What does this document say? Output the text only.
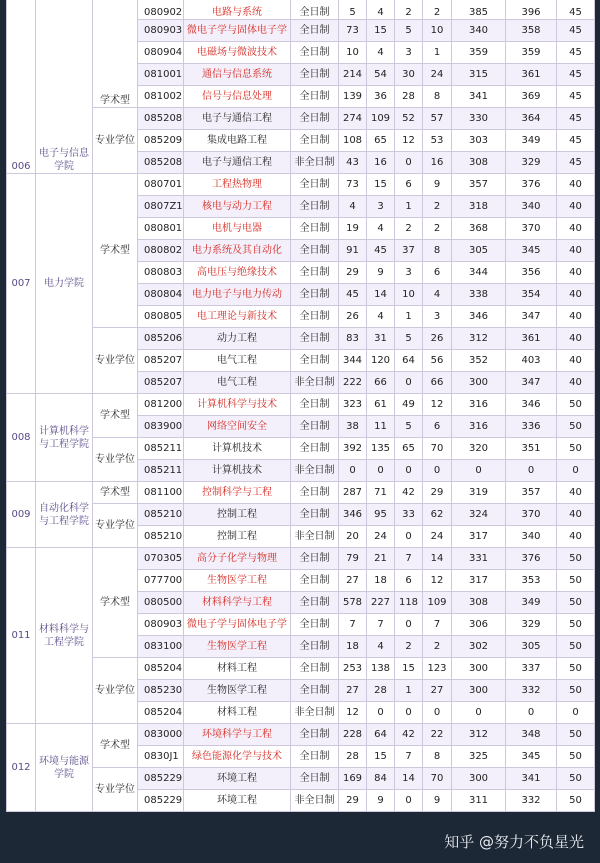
006	电子与信息学院	学术型	080902	电路与系统	全日制	5	4	2	2	385	396	45
			080903	微电子学与固体电子学	全日制	73	15	5	10	340	358	45
			080904	电磁场与微波技术	全日制	10	4	3	1	359	359	45
			081001	通信与信息系统	全日制	214	54	30	24	315	361	45
			081002	信号与信息处理	全日制	139	36	28	8	341	369	45
		专业学位	085208	电子与通信工程	全日制	274	109	52	57	330	364	45
			085209	集成电路工程	全日制	108	65	12	53	303	349	45
			085208	电子与通信工程	非全日制	43	16	0	16	308	329	45
007	电力学院	学术型	080701	工程热物理	全日制	73	15	6	9	357	376	40
			0807Z1	核电与动力工程	全日制	4	3	1	2	318	340	40
			080801	电机与电器	全日制	19	4	2	2	368	370	40
			080802	电力系统及其自动化	全日制	91	45	37	8	305	345	40
			080803	高电压与绝缘技术	全日制	29	9	3	6	344	356	40
			080804	电力电子与电力传动	全日制	45	14	10	4	338	354	40
			080805	电工理论与新技术	全日制	26	4	1	3	346	347	40
		专业学位	085206	动力工程	全日制	83	31	5	26	312	361	40
			085207	电气工程	全日制	344	120	64	56	352	403	40
			085207	电气工程	非全日制	222	66	0	66	300	347	40
008	计算机科学与工程学院	学术型	081200	计算机科学与技术	全日制	323	61	49	12	316	346	50
			083900	网络空间安全	全日制	38	11	5	6	316	336	50
		专业学位	085211	计算机技术	全日制	392	135	65	70	320	351	50
			085211	计算机技术	非全日制	0	0	0	0	0	0	0
009	自动化科学与工程学院	学术型	081100	控制科学与工程	全日制	287	71	42	29	319	357	40
		专业学位	085210	控制工程	全日制	346	95	33	62	324	370	40
			085210	控制工程	非全日制	20	24	0	24	317	340	40
011	材料科学与工程学院	学术型	070305	高分子化学与物理	全日制	79	21	7	14	331	376	50
			077700	生物医学工程	全日制	27	18	6	12	317	353	50
			080500	材料科学与工程	全日制	578	227	118	109	308	349	50
			080903	微电子学与固体电子学	全日制	7	7	0	7	306	329	50
			083100	生物医学工程	全日制	18	4	2	2	302	305	50
		专业学位	085204	材料工程	全日制	253	138	15	123	300	337	50
			085230	生物医学工程	全日制	27	28	1	27	300	332	50
			085204	材料工程	非全日制	12	0	0	0	0	0	0
012	环境与能源学院	学术型	083000	环境科学与工程	全日制	228	64	42	22	312	348	50
			0830J1	绿色能源化学与技术	全日制	28	15	7	8	325	345	50
		专业学位	085229	环境工程	全日制	169	84	14	70	300	341	50
			085229	环境工程	非全日制	29	9	0	9	311	332	50
知乎 @努力不负星光
